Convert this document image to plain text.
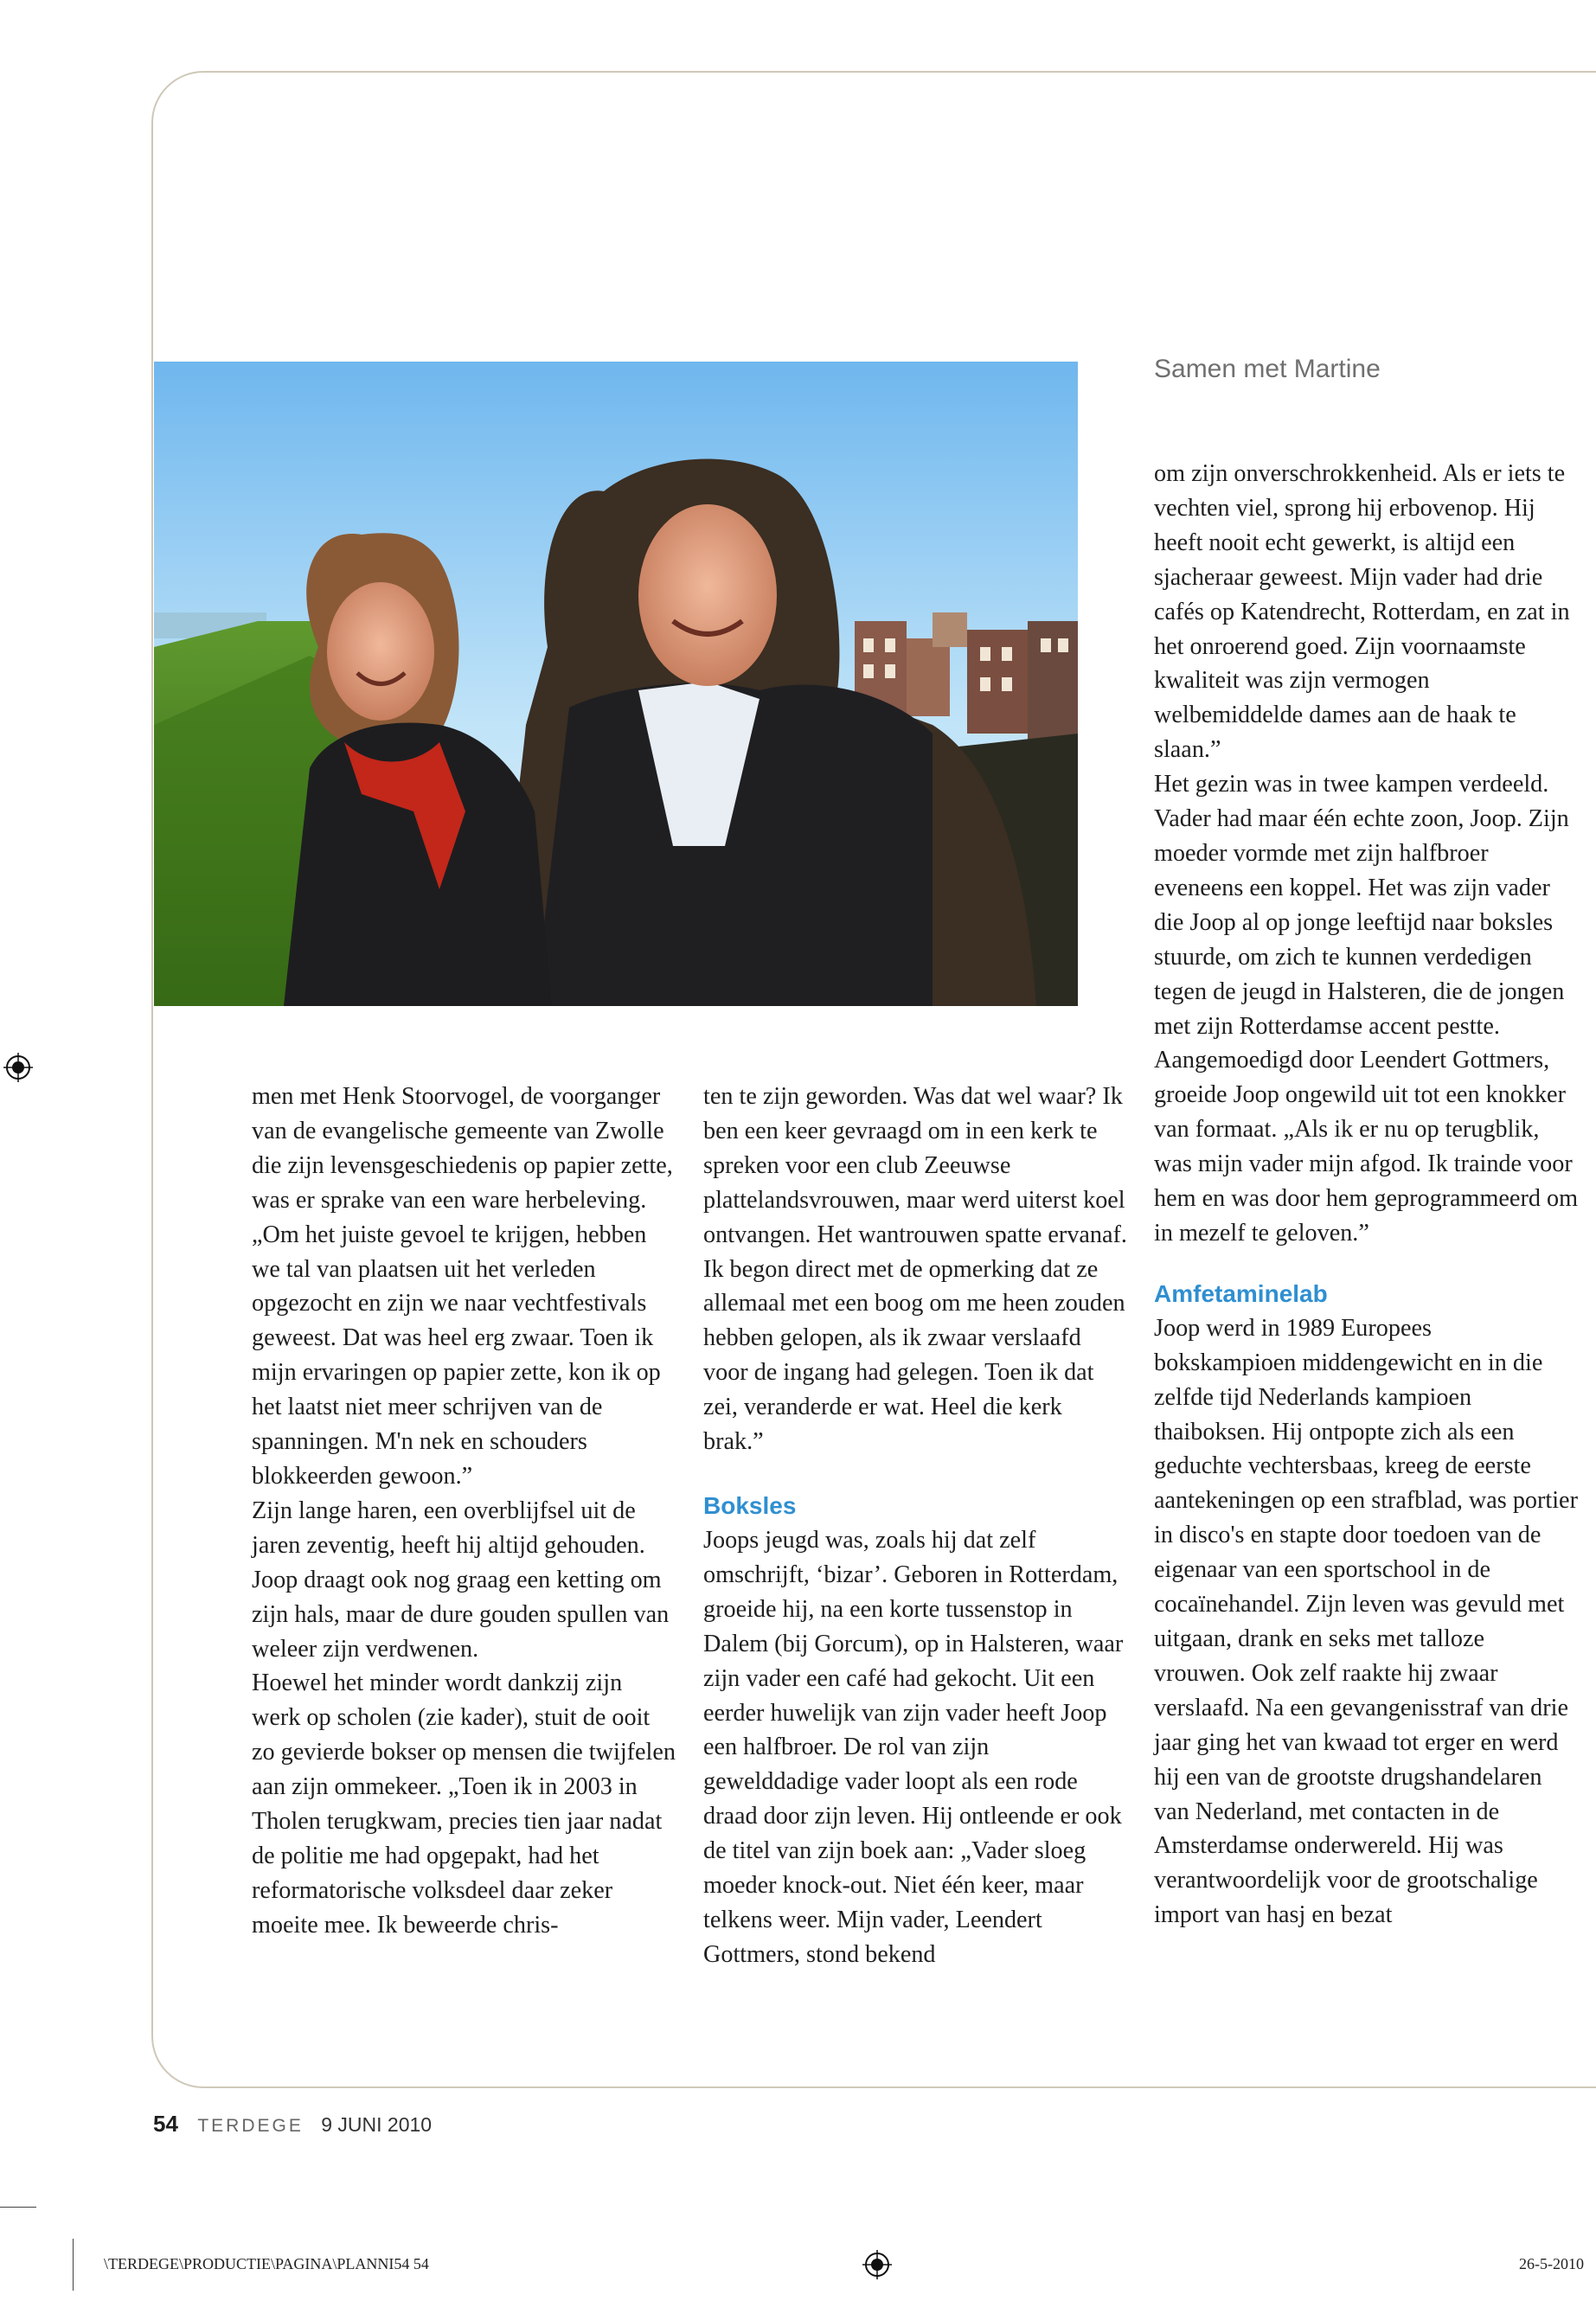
Samen met Martine

men met Henk Stoorvogel, de voorganger van de evangelische gemeente van Zwolle die zijn levensgeschiedenis op papier zette, was er sprake van een ware herbeleving. „Om het juiste gevoel te krijgen, hebben we tal van plaatsen uit het verleden opgezocht en zijn we naar vechtfestivals geweest. Dat was heel erg zwaar. Toen ik mijn ervaringen op papier zette, kon ik op het laatst niet meer schrijven van de spanningen. M'n nek en schouders blokkeerden gewoon.”

Zijn lange haren, een overblijfsel uit de jaren zeventig, heeft hij altijd gehouden. Joop draagt ook nog graag een ketting om zijn hals, maar de dure gouden spullen van weleer zijn verdwenen.

Hoewel het minder wordt dankzij zijn werk op scholen (zie kader), stuit de ooit zo gevierde bokser op mensen die twijfelen aan zijn ommekeer. „Toen ik in 2003 in Tholen terugkwam, precies tien jaar nadat de politie me had opgepakt, had het reformatorische volksdeel daar zeker moeite mee. Ik beweerde chris-

ten te zijn geworden. Was dat wel waar? Ik ben een keer gevraagd om in een kerk te spreken voor een club Zeeuwse plattelandsvrouwen, maar werd uiterst koel ontvangen. Het wantrouwen spatte ervanaf. Ik begon direct met de opmerking dat ze allemaal met een boog om me heen zouden hebben gelopen, als ik zwaar verslaafd voor de ingang had gelegen. Toen ik dat zei, veranderde er wat. Heel die kerk brak.”

Boksles

Joops jeugd was, zoals hij dat zelf omschrijft, ‘bizar’. Geboren in Rotterdam, groeide hij, na een korte tussenstop in Dalem (bij Gorcum), op in Halsteren, waar zijn vader een café had gekocht. Uit een eerder huwelijk van zijn vader heeft Joop een halfbroer. De rol van zijn gewelddadige vader loopt als een rode draad door zijn leven. Hij ontleende er ook de titel van zijn boek aan: „Vader sloeg moeder knock-out. Niet één keer, maar telkens weer. Mijn vader, Leendert Gottmers, stond bekend

om zijn onverschrokkenheid. Als er iets te vechten viel, sprong hij erbovenop. Hij heeft nooit echt gewerkt, is altijd een sjacheraar geweest. Mijn vader had drie cafés op Katendrecht, Rotterdam, en zat in het onroerend goed. Zijn voornaamste kwaliteit was zijn vermogen welbemiddelde dames aan de haak te slaan.”

Het gezin was in twee kampen verdeeld. Vader had maar één echte zoon, Joop. Zijn moeder vormde met zijn halfbroer eveneens een koppel. Het was zijn vader die Joop al op jonge leeftijd naar boksles stuurde, om zich te kunnen verdedigen tegen de jeugd in Halsteren, die de jongen met zijn Rotterdamse accent pestte. Aangemoedigd door Leendert Gottmers, groeide Joop ongewild uit tot een knokker van formaat. „Als ik er nu op terugblik, was mijn vader mijn afgod. Ik trainde voor hem en was door hem geprogrammeerd om in mezelf te geloven.”

Amfetaminelab

Joop werd in 1989 Europees bokskampioen middengewicht en in die zelfde tijd Nederlands kampioen thaiboksen. Hij ontpopte zich als een geduchte vechtersbaas, kreeg de eerste aantekeningen op een strafblad, was portier in disco's en stapte door toedoen van de eigenaar van een sportschool in de cocaïnehandel. Zijn leven was gevuld met uitgaan, drank en seks met talloze vrouwen. Ook zelf raakte hij zwaar verslaafd. Na een gevangenisstraf van drie jaar ging het van kwaad tot erger en werd hij een van de grootste drugshandelaren van Nederland, met contacten in de Amsterdamse onderwereld. Hij was verantwoordelijk voor de grootschalige import van hasj en bezat

54 TERDEGE 9 JUNI 2010
\TERDEGE\PRODUCTIE\PAGINA\PLANNI54 54	26-5-2010
